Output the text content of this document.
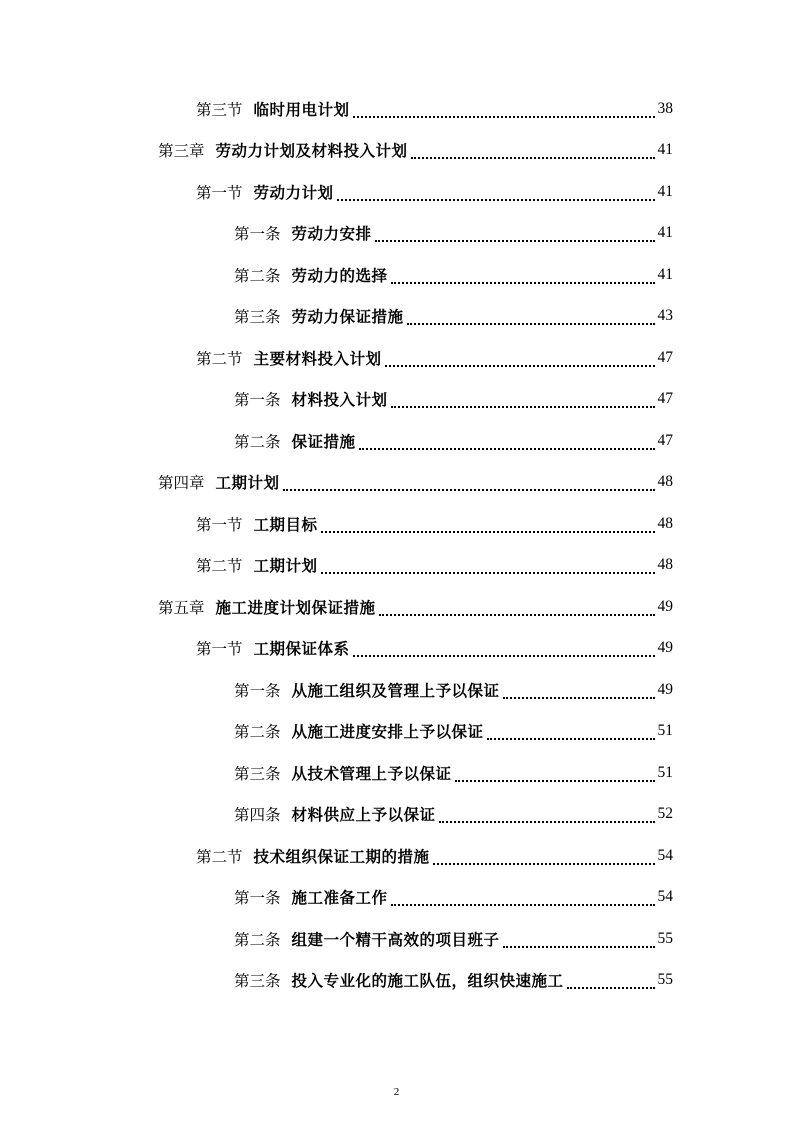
第三节 临时用电计划	38
第三章 劳动力计划及材料投入计划	41
第一节 劳动力计划	41
第一条 劳动力安排	41
第二条 劳动力的选择	41
第三条 劳动力保证措施	43
第二节 主要材料投入计划	47
第一条 材料投入计划	47
第二条 保证措施	47
第四章 工期计划	48
第一节 工期目标	48
第二节 工期计划	48
第五章 施工进度计划保证措施	49
第一节 工期保证体系	49
第一条 从施工组织及管理上予以保证	49
第二条 从施工进度安排上予以保证	51
第三条 从技术管理上予以保证	51
第四条 材料供应上予以保证	52
第二节 技术组织保证工期的措施	54
第一条 施工准备工作	54
第二条 组建一个精干高效的项目班子	55
第三条 投入专业化的施工队伍，组织快速施工	55
2
